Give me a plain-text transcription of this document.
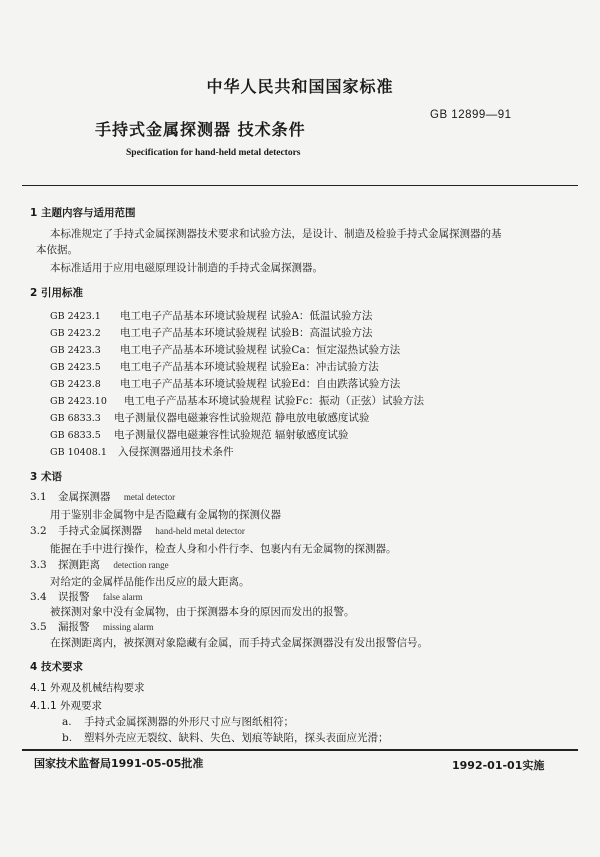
中华人民共和国国家标准
手持式金属探测器 技术条件
GB 12899—91
Specification for hand-held metal detectors
1 主题内容与适用范围
本标准规定了手持式金属探测器技术要求和试验方法，是设计、制造及检验手持式金属探测器的基
本依据。
本标准适用于应用电磁原理设计制造的手持式金属探测器。
2 引用标准
GB 2423.1 电工电子产品基本环境试验规程 试验A：低温试验方法
GB 2423.2 电工电子产品基本环境试验规程 试验B：高温试验方法
GB 2423.3 电工电子产品基本环境试验规程 试验Ca：恒定湿热试验方法
GB 2423.5 电工电子产品基本环境试验规程 试验Ea：冲击试验方法
GB 2423.8 电工电子产品基本环境试验规程 试验Ed：自由跌落试验方法
GB 2423.10 电工电子产品基本环境试验规程 试验Fc：振动（正弦）试验方法
GB 6833.3 电子测量仪器电磁兼容性试验规范 静电放电敏感度试验
GB 6833.5 电子测量仪器电磁兼容性试验规范 辐射敏感度试验
GB 10408.1 入侵探测器通用技术条件
3 术语
3.1 金属探测器 metal detector
用于鉴别非金属物中是否隐藏有金属物的探测仪器
3.2 手持式金属探测器 hand-held metal detector
能握在手中进行操作，检查人身和小件行李、包裹内有无金属物的探测器。
3.3 探测距离 detection range
对给定的金属样品能作出反应的最大距离。
3.4 误报警 false alarm
被探测对象中没有金属物，由于探测器本身的原因而发出的报警。
3.5 漏报警 missing alarm
在探测距离内，被探测对象隐藏有金属，而手持式金属探测器没有发出报警信号。
4 技术要求
4.1 外观及机械结构要求
4.1.1 外观要求
a. 手持式金属探测器的外形尺寸应与图纸相符；
b. 塑料外壳应无裂纹、缺料、失色、划痕等缺陷，探头表面应光滑；
国家技术监督局1991-05-05批准	1992-01-01实施
